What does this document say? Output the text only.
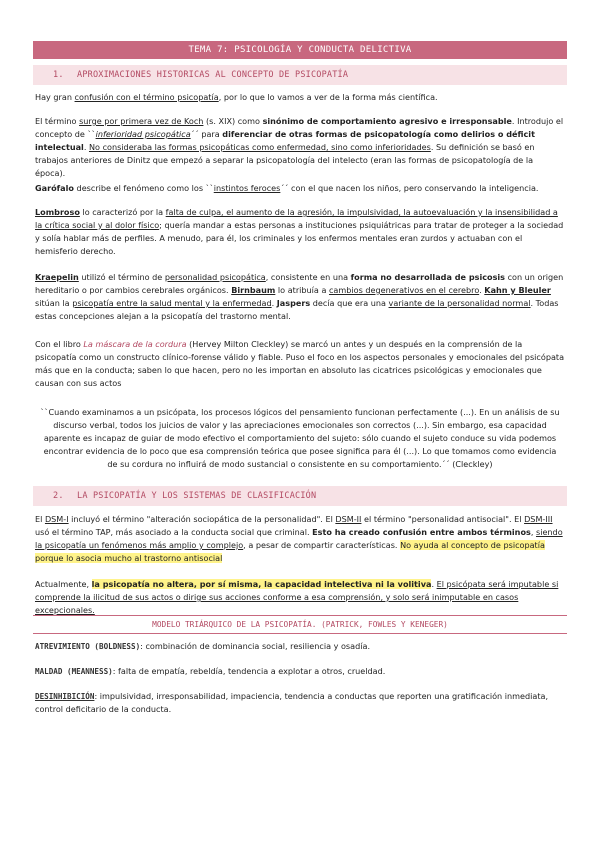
TEMA 7: PSICOLOGÍA Y CONDUCTA DELICTIVA
1. APROXIMACIONES HISTORICAS AL CONCEPTO DE PSICOPATÍA
Hay gran confusión con el término psicopatía, por lo que lo vamos a ver de la forma más científica.
El término surge por primera vez de Koch (s. XIX) como sinónimo de comportamiento agresivo e irresponsable. Introdujo el concepto de ``inferioridad psicopática´´ para diferenciar de otras formas de psicopatología como delirios o déficit intelectual. No consideraba las formas psicopáticas como enfermedad, sino como inferioridades. Su definición se basó en trabajos anteriores de Dinitz que empezó a separar la psicopatología del intelecto (eran las formas de psicopatología de la época).
Garófalo describe el fenómeno como los ``instintos feroces´´ con el que nacen los niños, pero conservando la inteligencia.
Lombroso lo caracterizó por la falta de culpa, el aumento de la agresión, la impulsividad, la autoevaluación y la insensibilidad a la crítica social y al dolor físico; quería mandar a estas personas a instituciones psiquiátricas para tratar de proteger a la sociedad y solía hablar más de perfiles. A menudo, para él, los criminales y los enfermos mentales eran zurdos y actuaban con el hemisferio derecho.
Kraepelin utilizó el término de personalidad psicopática, consistente en una forma no desarrollada de psicosis con un origen hereditario o por cambios cerebrales orgánicos. Birnbaum lo atribuía a cambios degenerativos en el cerebro. Kahn y Bleuler sitúan la psicopatía entre la salud mental y la enfermedad. Jaspers decía que era una variante de la personalidad normal. Todas estas concepciones alejan a la psicopatía del trastorno mental.
Con el libro La máscara de la cordura (Hervey Milton Cleckley) se marcó un antes y un después en la comprensión de la psicopatía como un constructo clínico-forense válido y fiable. Puso el foco en los aspectos personales y emocionales del psicópata más que en la conducta; saben lo que hacen, pero no les importan en absoluto las cicatrices psicológicas y emocionales que causan con sus actos
``Cuando examinamos a un psicópata, los procesos lógicos del pensamiento funcionan perfectamente (...). En un análisis de su discurso verbal, todos los juicios de valor y las apreciaciones emocionales son correctos (...). Sin embargo, esa capacidad aparente es incapaz de guiar de modo efectivo el comportamiento del sujeto: sólo cuando el sujeto conduce su vida podemos encontrar evidencia de lo poco que esa comprensión teórica que posee significa para él (...). Lo que tomamos como evidencia de su cordura no influirá de modo sustancial o consistente en su comportamiento.´´ (Cleckley)
2. LA PSICOPATÍA Y LOS SISTEMAS DE CLASIFICACIÓN
El DSM-I incluyó el término "alteración sociopática de la personalidad". El DSM-II el término "personalidad antisocial". El DSM-III usó el término TAP, más asociado a la conducta social que criminal. Esto ha creado confusión entre ambos términos, siendo la psicopatía un fenómenos más amplio y complejo, a pesar de compartir características. No ayuda al concepto de psicopatía porque lo asocia mucho al trastorno antisocial
Actualmente, la psicopatía no altera, por sí misma, la capacidad intelectiva ni la volitiva. El psicópata será imputable si comprende la ilicitud de sus actos o dirige sus acciones conforme a esa comprensión, y solo será inimputable en casos excepcionales.
MODELO TRIÁRQUICO DE LA PSICOPATÍA. (PATRICK, FOWLES Y KENEGER)
ATREVIMIENTO (BOLDNESS): combinación de dominancia social, resiliencia y osadía.
MALDAD (MEANNESS): falta de empatía, rebeldía, tendencia a explotar a otros, crueldad.
DESINHIBICIÓN: impulsividad, irresponsabilidad, impaciencia, tendencia a conductas que reporten una gratificación inmediata, control deficitario de la conducta.
